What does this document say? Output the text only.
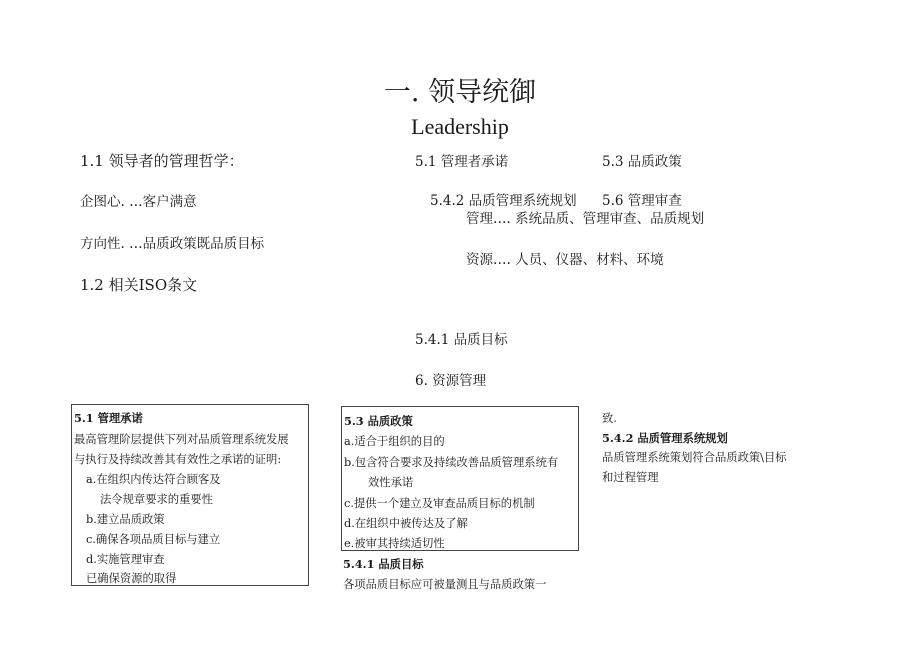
一. 领导统御
Leadership
1.1 领导者的管理哲学：
企图心. …客户满意
方向性. …品质政策既品质目标
1.2 相关ISO条文
5.1 管理者承诺	5.3 品质政策
5.4.2 品质管理系统规划 5.6 管理审查
管理…. 系统品质、管理审查、品质规划
资源…. 人员、仪器、材料、环境
5.4.1 品质目标
6. 资源管理
5.1 管理承诺
最高管理阶层提供下列对品质管理系统发展
与执行及持续改善其有效性之承诺的证明:
a.在组织内传达符合顾客及
法令规章要求的重要性
b.建立品质政策
c.确保各项品质目标与建立
d.实施管理审查
已确保资源的取得
5.3 品质政策
a.适合于组织的目的
b.包含符合要求及持续改善品质管理系统有
效性承诺
c.提供一个建立及审查品质目标的机制
d.在组织中被传达及了解
e.被审其持续适切性
5.4.1 品质目标
各项品质目标应可被量测且与品质政策一
致.
5.4.2 品质管理系统规划
品质管理系统策划符合品质政策\目标
和过程管理
